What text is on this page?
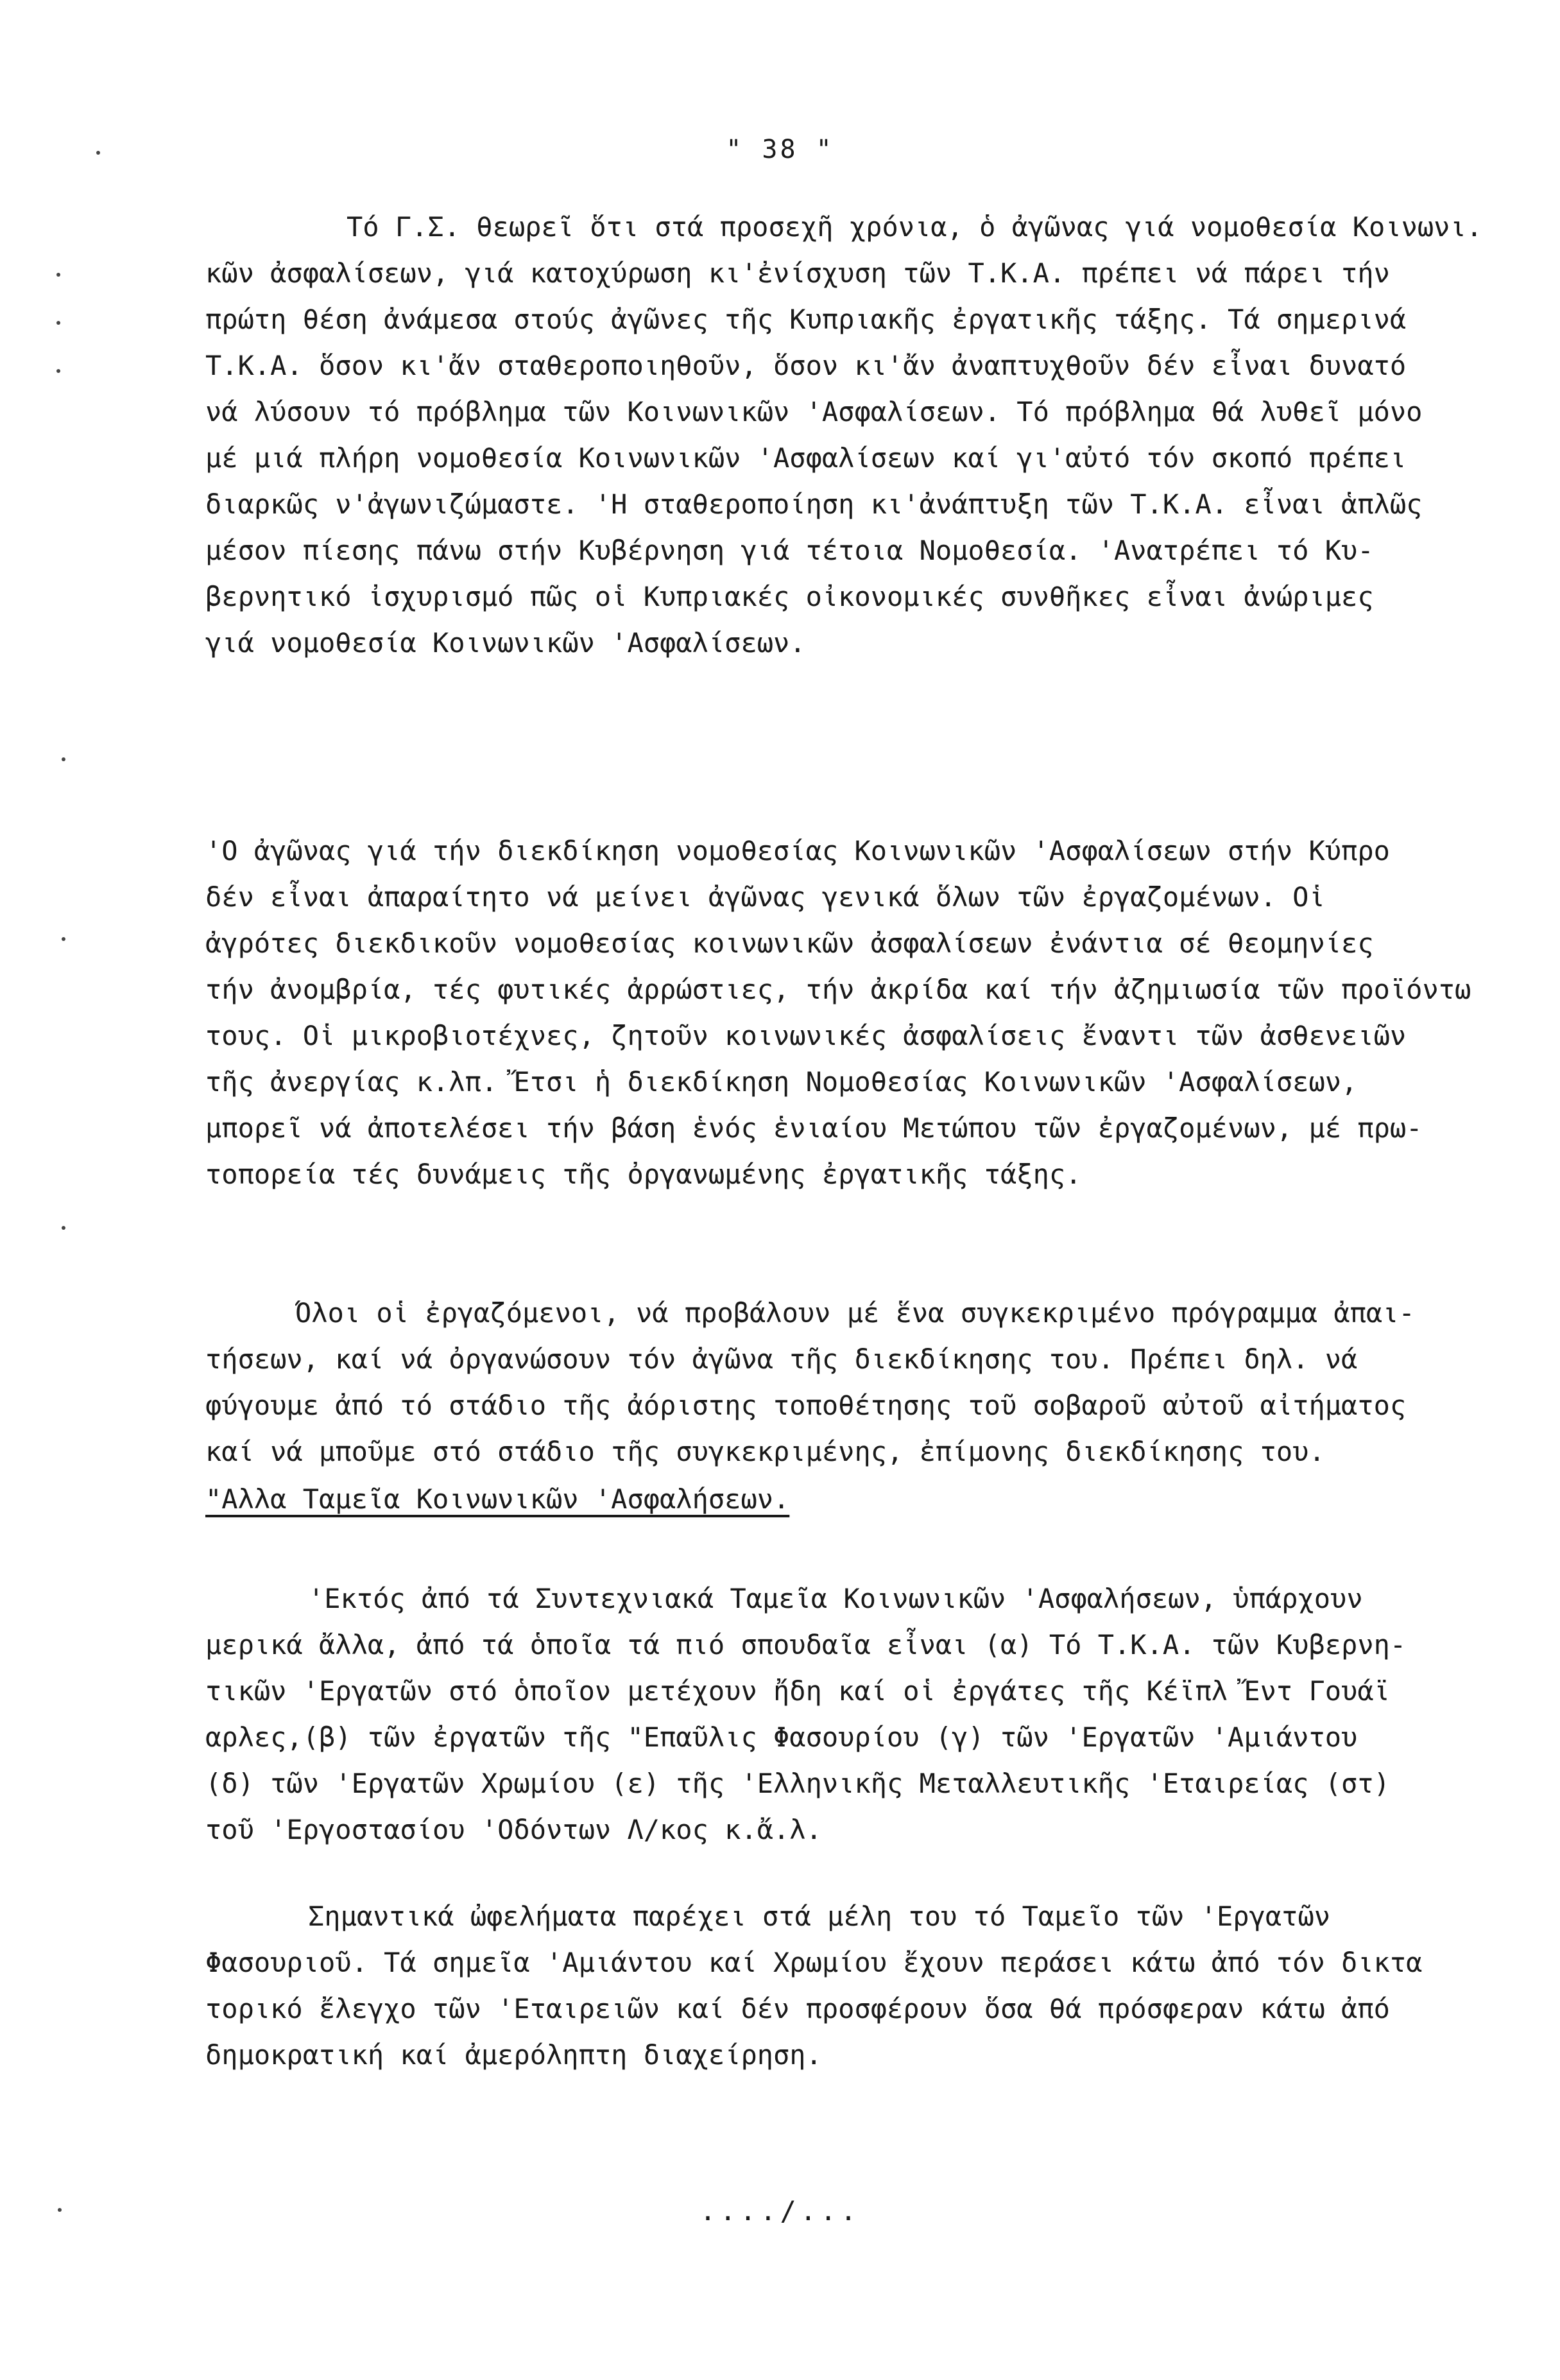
" 38 "
Τό Γ.Σ. θεωρεῖ ὅτι στά προσεχῆ χρόνια, ὁ ἀγῶνας γιά νομοθεσία Κοινωνι.
κῶν ἀσφαλίσεων, γιά κατοχύρωση κι'ἐνίσχυση τῶν Τ.Κ.Α. πρέπει νά πάρει τήν
πρώτη θέση ἀνάμεσα στούς ἀγῶνες τῆς Κυπριακῆς ἐργατικῆς τάξης. Τά σημερινά
Τ.Κ.Α. ὅσον κι'ἄν σταθεροποιηθοῦν, ὅσον κι'ἄν ἀναπτυχθοῦν δέν εἶναι δυνατό
νά λύσουν τό πρόβλημα τῶν Κοινωνικῶν 'Ασφαλίσεων. Τό πρόβλημα θά λυθεῖ μόνο
μέ μιά πλήρη νομοθεσία Κοινωνικῶν 'Ασφαλίσεων καί γι'αὐτό τόν σκοπό πρέπει
διαρκῶς ν'ἀγωνιζώμαστε. 'Η σταθεροποίηση κι'ἀνάπτυξη τῶν Τ.Κ.Α. εἶναι ἁπλῶς
μέσον πίεσης πάνω στήν Κυβέρνηση γιά τέτοια Νομοθεσία. 'Ανατρέπει τό Κυ-
βερνητικό ἰσχυρισμό πῶς οἱ Κυπριακές οἰκονομικές συνθῆκες εἶναι ἀνώριμες
γιά νομοθεσία Κοινωνικῶν 'Ασφαλίσεων.
'Ο ἀγῶνας γιά τήν διεκδίκηση νομοθεσίας Κοινωνικῶν 'Ασφαλίσεων στήν Κύπρο
δέν εἶναι ἀπαραίτητο νά μείνει ἀγῶνας γενικά ὅλων τῶν ἐργαζομένων. Οἱ
ἀγρότες διεκδικοῦν νομοθεσίας κοινωνικῶν ἀσφαλίσεων ἐνάντια σέ θεομηνίες
τήν ἀνομβρία, τές φυτικές ἀρρώστιες, τήν ἀκρίδα καί τήν ἀζημιωσία τῶν προϊόντω
τους. Οἱ μικροβιοτέχνες, ζητοῦν κοινωνικές ἀσφαλίσεις ἔναντι τῶν ἀσθενειῶν
τῆς ἀνεργίας κ.λπ. Ἔτσι ἡ διεκδίκηση Νομοθεσίας Κοινωνικῶν 'Ασφαλίσεων,
μπορεῖ νά ἀποτελέσει τήν βάση ἑνός ἑνιαίου Μετώπου τῶν ἐργαζομένων, μέ πρω-
τοπορεία τές δυνάμεις τῆς ὀργανωμένης ἐργατικῆς τάξης.
Ὅλοι οἱ ἐργαζόμενοι, νά προβάλουν μέ ἕνα συγκεκριμένο πρόγραμμα ἀπαι-
τήσεων, καί νά ὀργανώσουν τόν ἀγῶνα τῆς διεκδίκησης του. Πρέπει δηλ. νά
φύγουμε ἀπό τό στάδιο τῆς ἀόριστης τοποθέτησης τοῦ σοβαροῦ αὐτοῦ αἰτήματος
καί νά μποῦμε στό στάδιο τῆς συγκεκριμένης, ἐπίμονης διεκδίκησης του.
"Αλλα Ταμεῖα Κοινωνικῶν 'Ασφαλήσεων.
'Εκτός ἀπό τά Συντεχνιακά Ταμεῖα Κοινωνικῶν 'Ασφαλήσεων, ὑπάρχουν
μερικά ἄλλα, ἀπό τά ὁποῖα τά πιό σπουδαῖα εἶναι (α) Τό Τ.Κ.Α. τῶν Κυβερνη-
τικῶν 'Εργατῶν στό ὁποῖον μετέχουν ἤδη καί οἱ ἐργάτες τῆς Κέϊπλ Ἔντ Γουάϊ
αρλες,(β) τῶν ἐργατῶν τῆς "Επαῦλις Φασουρίου (γ) τῶν 'Εργατῶν 'Αμιάντου
(δ) τῶν 'Εργατῶν Χρωμίου (ε) τῆς 'Ελληνικῆς Μεταλλευτικῆς 'Εταιρείας (στ)
τοῦ 'Εργοστασίου 'Οδόντων Λ/κος κ.ἄ.λ.
Σημαντικά ὠφελήματα παρέχει στά μέλη του τό Ταμεῖο τῶν 'Εργατῶν
Φασουριοῦ. Τά σημεῖα 'Αμιάντου καί Χρωμίου ἔχουν περάσει κάτω ἀπό τόν δικτα
τορικό ἔλεγχο τῶν 'Εταιρειῶν καί δέν προσφέρουν ὅσα θά πρόσφεραν κάτω ἀπό
δημοκρατική καί ἀμερόληπτη διαχείρηση.
..../...
